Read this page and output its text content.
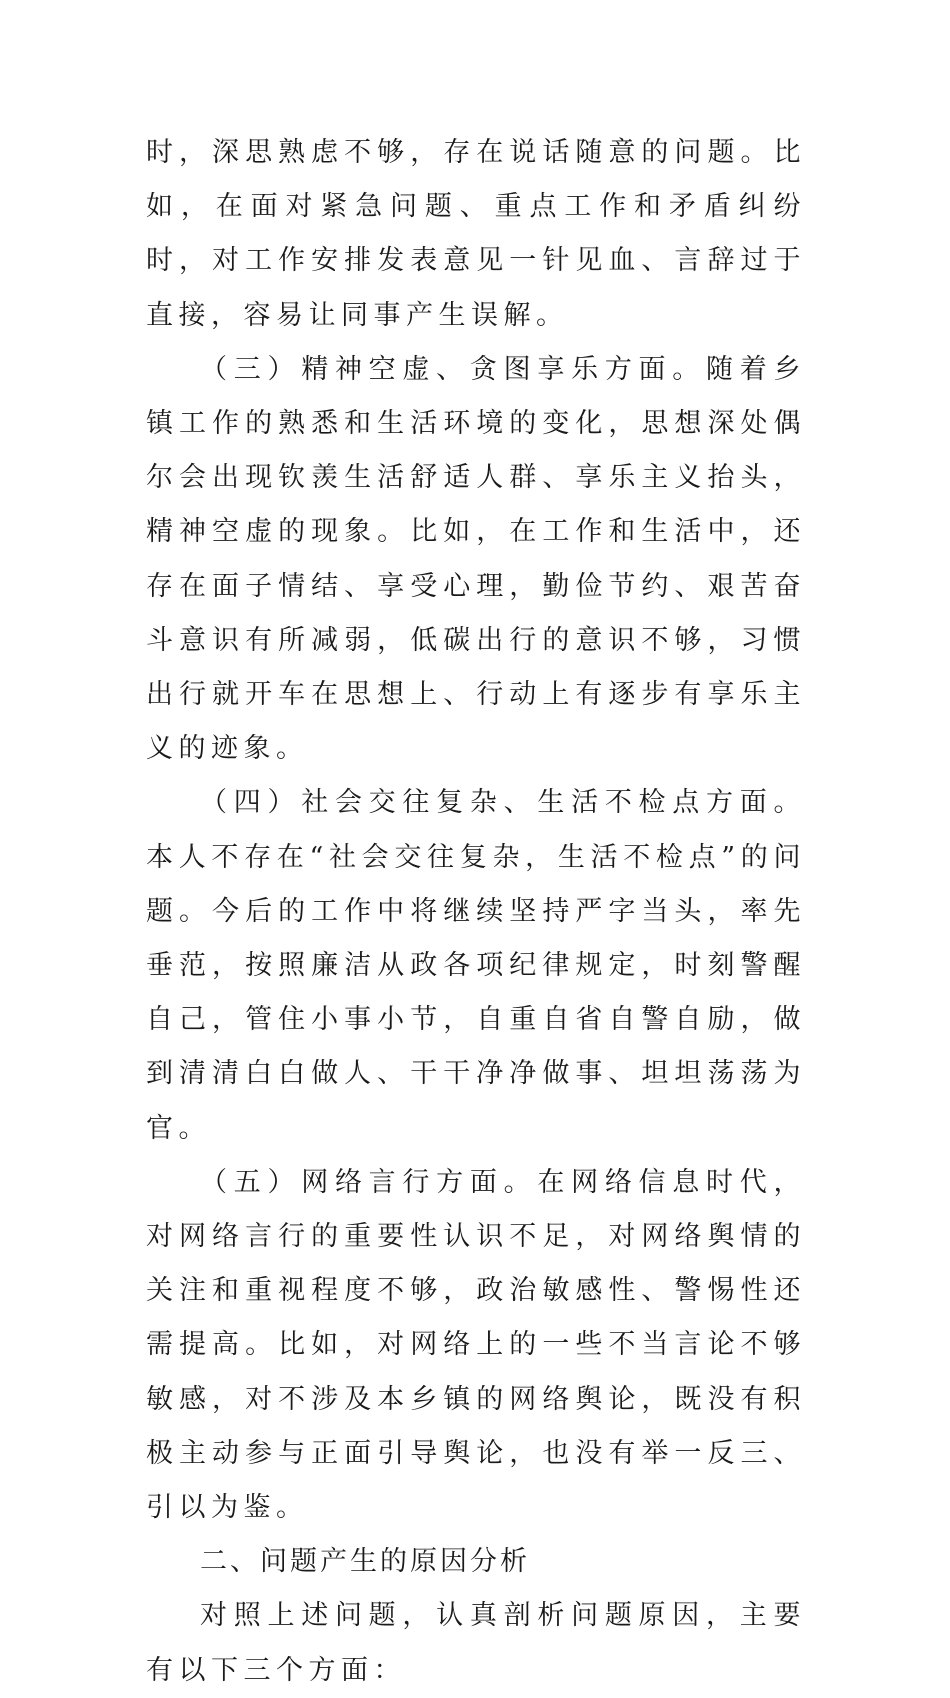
时，深思熟虑不够，存在说话随意的问题。比如，在面对紧急问题、重点工作和矛盾纠纷时，对工作安排发表意见一针见血、言辞过于直接，容易让同事产生误解。

（三）精神空虚、贪图享乐方面。随着乡镇工作的熟悉和生活环境的变化，思想深处偶尔会出现钦羡生活舒适人群、享乐主义抬头，精神空虚的现象。比如，在工作和生活中，还存在面子情结、享受心理，勤俭节约、艰苦奋斗意识有所减弱，低碳出行的意识不够，习惯出行就开车在思想上、行动上有逐步有享乐主义的迹象。

（四）社会交往复杂、生活不检点方面。本人不存在“社会交往复杂，生活不检点”的问题。今后的工作中将继续坚持严字当头，率先垂范，按照廉洁从政各项纪律规定，时刻警醒自己，管住小事小节，自重自省自警自励，做到清清白白做人、干干净净做事、坦坦荡荡为官。

（五）网络言行方面。在网络信息时代，对网络言行的重要性认识不足，对网络舆情的关注和重视程度不够，政治敏感性、警惕性还需提高。比如，对网络上的一些不当言论不够敏感，对不涉及本乡镇的网络舆论，既没有积极主动参与正面引导舆论，也没有举一反三、引以为鉴。

二、问题产生的原因分析

对照上述问题，认真剖析问题原因，主要有以下三个方面：
